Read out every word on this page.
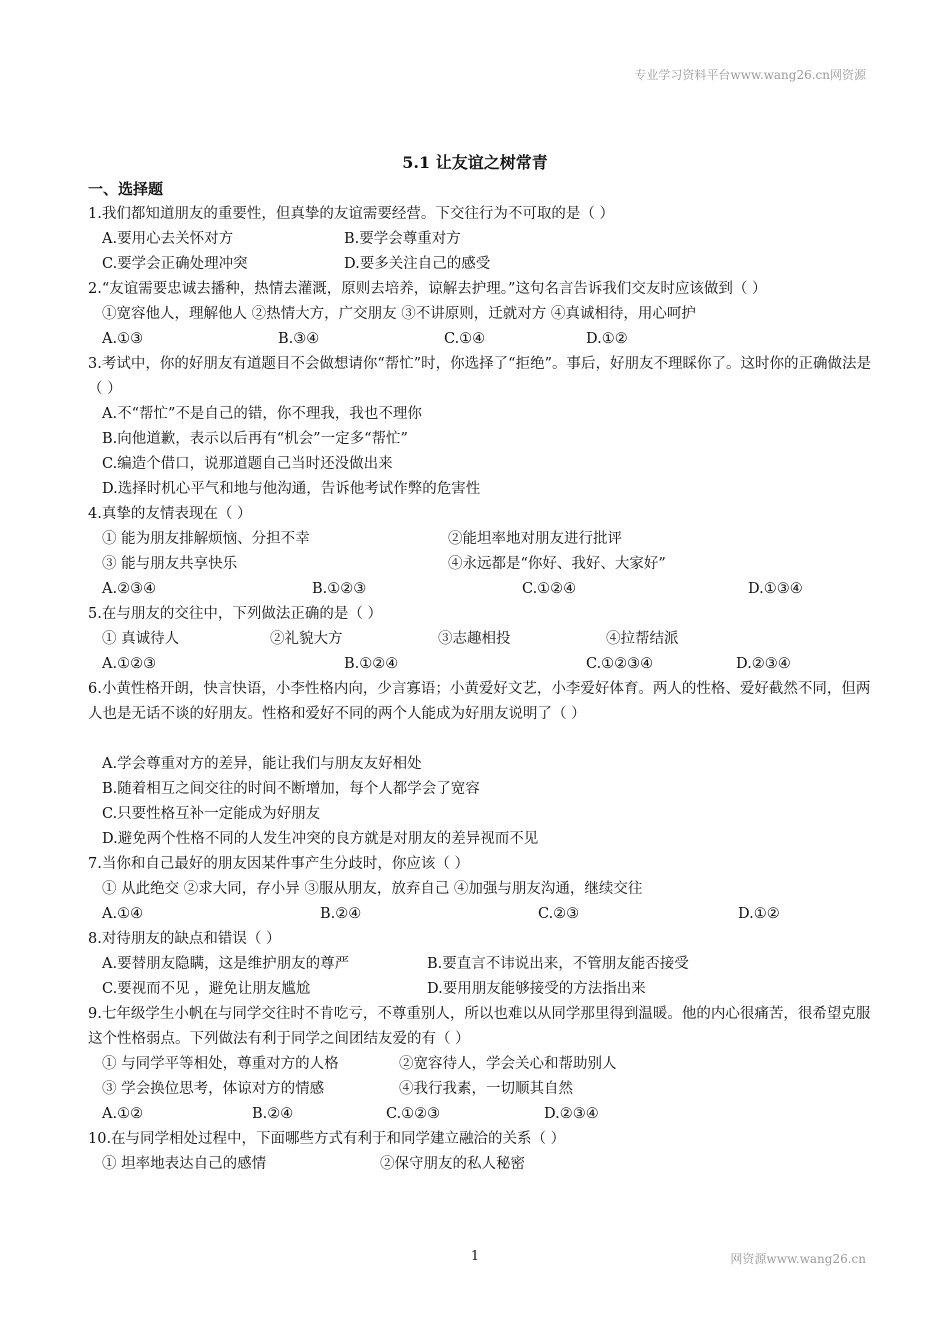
专业学习资料平台www.wang26.cn网资源
5.1 让友谊之树常青
一、选择题
1.我们都知道朋友的重要性，但真挚的友谊需要经营。下交往行为不可取的是（ ）
A.要用心去关怀对方	B.要学会尊重对方
C.要学会正确处理冲突	D.要多关注自己的感受
2.“友谊需要忠诚去播种，热情去灌溉，原则去培养，谅解去护理。”这句名言告诉我们交友时应该做到（ ）
①宽容他人，理解他人 ②热情大方，广交朋友 ③不讲原则，迁就对方 ④真诚相待，用心呵护
A.①③	B.③④	C.①④	D.①②
3.考试中，你的好朋友有道题目不会做想请你“帮忙”时，你选择了“拒绝”。事后，好朋友不理睬你了。这时你的正确做法是（ ）
A.不“帮忙”不是自己的错，你不理我，我也不理你
B.向他道歉，表示以后再有“机会”一定多“帮忙”
C.编造个借口，说那道题自己当时还没做出来
D.选择时机心平气和地与他沟通，告诉他考试作弊的危害性
4.真挚的友情表现在（ ）
① 能为朋友排解烦恼、分担不幸	②能坦率地对朋友进行批评
③ 能与朋友共享快乐	④永远都是“你好、我好、大家好”
A.②③④	B.①②③	C.①②④	D.①③④
5.在与朋友的交往中，下列做法正确的是（ ）
① 真诚待人	②礼貌大方	③志趣相投	④拉帮结派
A.①②③	B.①②④	C.①②③④	D.②③④
6.小黄性格开朗，快言快语，小李性格内向，少言寡语；小黄爱好文艺，小李爱好体育。两人的性格、爱好截然不同，但两人也是无话不谈的好朋友。性格和爱好不同的两个人能成为好朋友说明了（ ）
A.学会尊重对方的差异，能让我们与朋友友好相处
B.随着相互之间交往的时间不断增加，每个人都学会了宽容
C.只要性格互补一定能成为好朋友
D.避免两个性格不同的人发生冲突的良方就是对朋友的差异视而不见
7.当你和自己最好的朋友因某件事产生分歧时，你应该（ ）
① 从此绝交 ②求大同，存小异 ③服从朋友，放弃自己 ④加强与朋友沟通，继续交往
A.①④	B.②④	C.②③	D.①②
8.对待朋友的缺点和错误（ ）
A.要替朋友隐瞒，这是维护朋友的尊严	B.要直言不讳说出来，不管朋友能否接受
C.要视而不见 ，避免让朋友尴尬	D.要用朋友能够接受的方法指出来
9.七年级学生小帆在与同学交往时不肯吃亏，不尊重别人，所以也难以从同学那里得到温暖。他的内心很痛苦，很希望克服这个性格弱点。下列做法有利于同学之间团结友爱的有（ ）
① 与同学平等相处，尊重对方的人格	②宽容待人，学会关心和帮助别人
③ 学会换位思考，体谅对方的情感	④我行我素，一切顺其自然
A.①②	B.②④	C.①②③	D.②③④
10.在与同学相处过程中，下面哪些方式有利于和同学建立融洽的关系（ ）
① 坦率地表达自己的感情	②保守朋友的私人秘密
1	网资源www.wang26.cn
